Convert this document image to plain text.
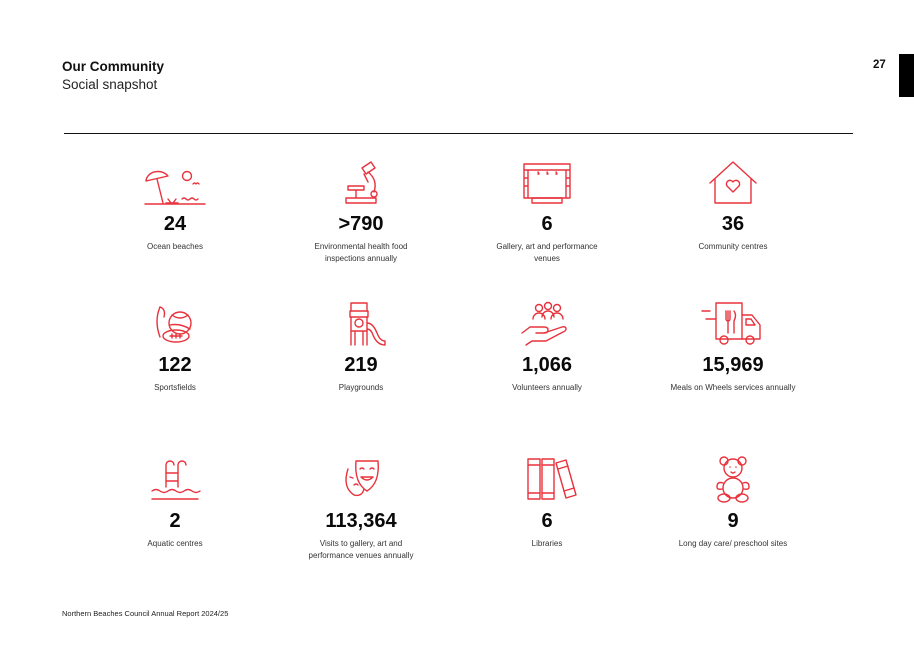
Our Community
Social snapshot
27
24
Ocean beaches
>790
Environmental health food inspections annually
6
Gallery, art and performance venues
36
Community centres
122
Sportsfields
219
Playgrounds
1,066
Volunteers annually
15,969
Meals on Wheels services annually
2
Aquatic centres
113,364
Visits to gallery, art and performance venues annually
6
Libraries
9
Long day care/ preschool sites
Northern Beaches Council Annual Report 2024/25
